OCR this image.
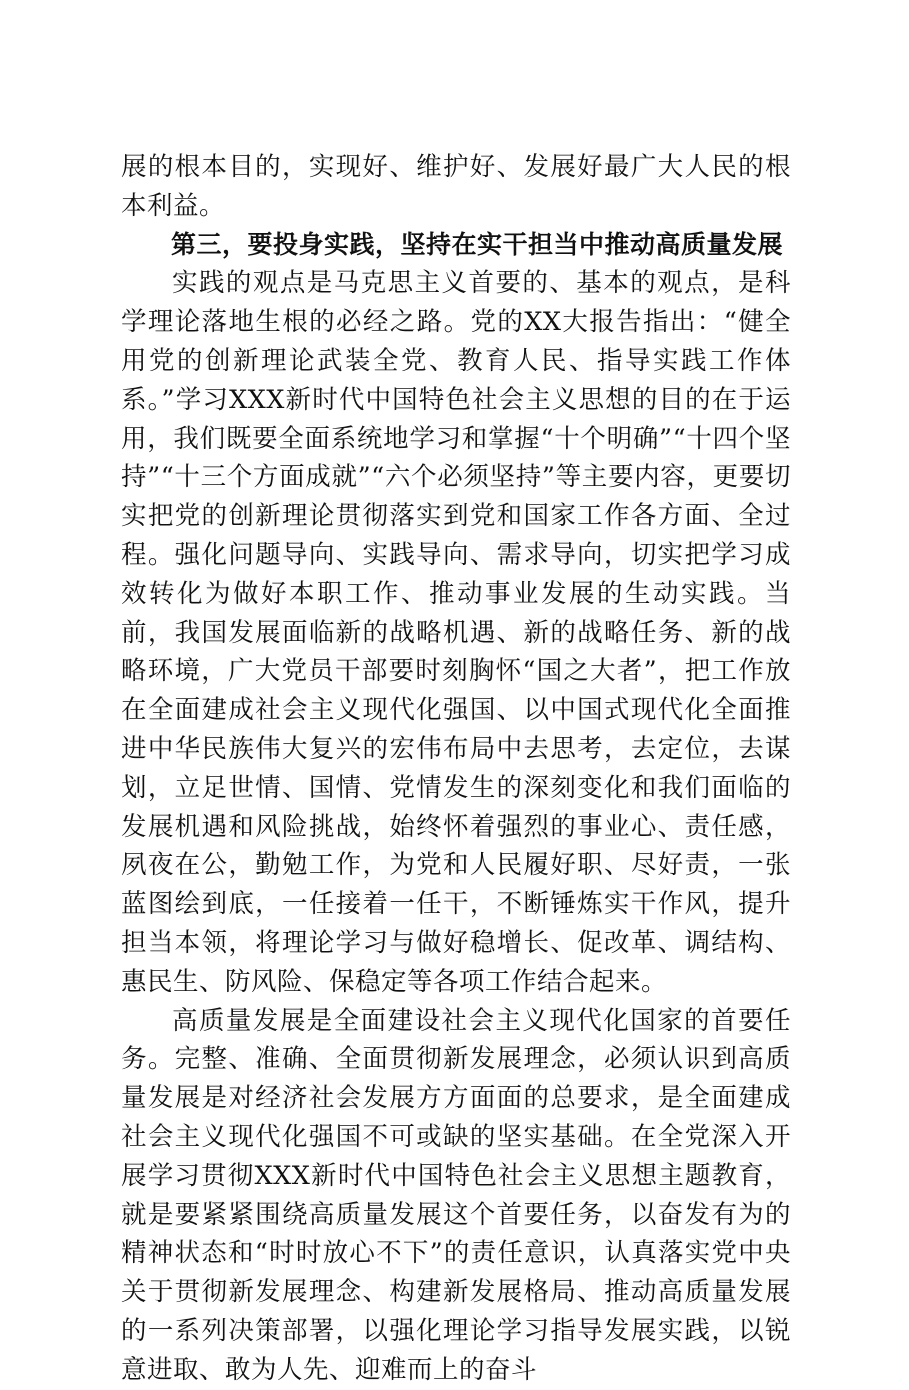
展的根本目的，实现好、维护好、发展好最广大人民的根本利益。

第三，要投身实践，坚持在实干担当中推动高质量发展

实践的观点是马克思主义首要的、基本的观点，是科学理论落地生根的必经之路。党的XX大报告指出：“健全用党的创新理论武装全党、教育人民、指导实践工作体系。”学习XXX新时代中国特色社会主义思想的目的在于运用，我们既要全面系统地学习和掌握“十个明确”“十四个坚持”“十三个方面成就”“六个必须坚持”等主要内容，更要切实把党的创新理论贯彻落实到党和国家工作各方面、全过程。强化问题导向、实践导向、需求导向，切实把学习成效转化为做好本职工作、推动事业发展的生动实践。当前，我国发展面临新的战略机遇、新的战略任务、新的战略环境，广大党员干部要时刻胸怀“国之大者”，把工作放在全面建成社会主义现代化强国、以中国式现代化全面推进中华民族伟大复兴的宏伟布局中去思考，去定位，去谋划，立足世情、国情、党情发生的深刻变化和我们面临的发展机遇和风险挑战，始终怀着强烈的事业心、责任感，夙夜在公，勤勉工作，为党和人民履好职、尽好责，一张蓝图绘到底，一任接着一任干，不断锤炼实干作风，提升担当本领，将理论学习与做好稳增长、促改革、调结构、惠民生、防风险、保稳定等各项工作结合起来。

高质量发展是全面建设社会主义现代化国家的首要任务。完整、准确、全面贯彻新发展理念，必须认识到高质量发展是对经济社会发展方方面面的总要求，是全面建成社会主义现代化强国不可或缺的坚实基础。在全党深入开展学习贯彻XXX新时代中国特色社会主义思想主题教育，就是要紧紧围绕高质量发展这个首要任务，以奋发有为的精神状态和“时时放心不下”的责任意识，认真落实党中央关于贯彻新发展理念、构建新发展格局、推动高质量发展的一系列决策部署，以强化理论学习指导发展实践，以锐意进取、敢为人先、迎难而上的奋斗
